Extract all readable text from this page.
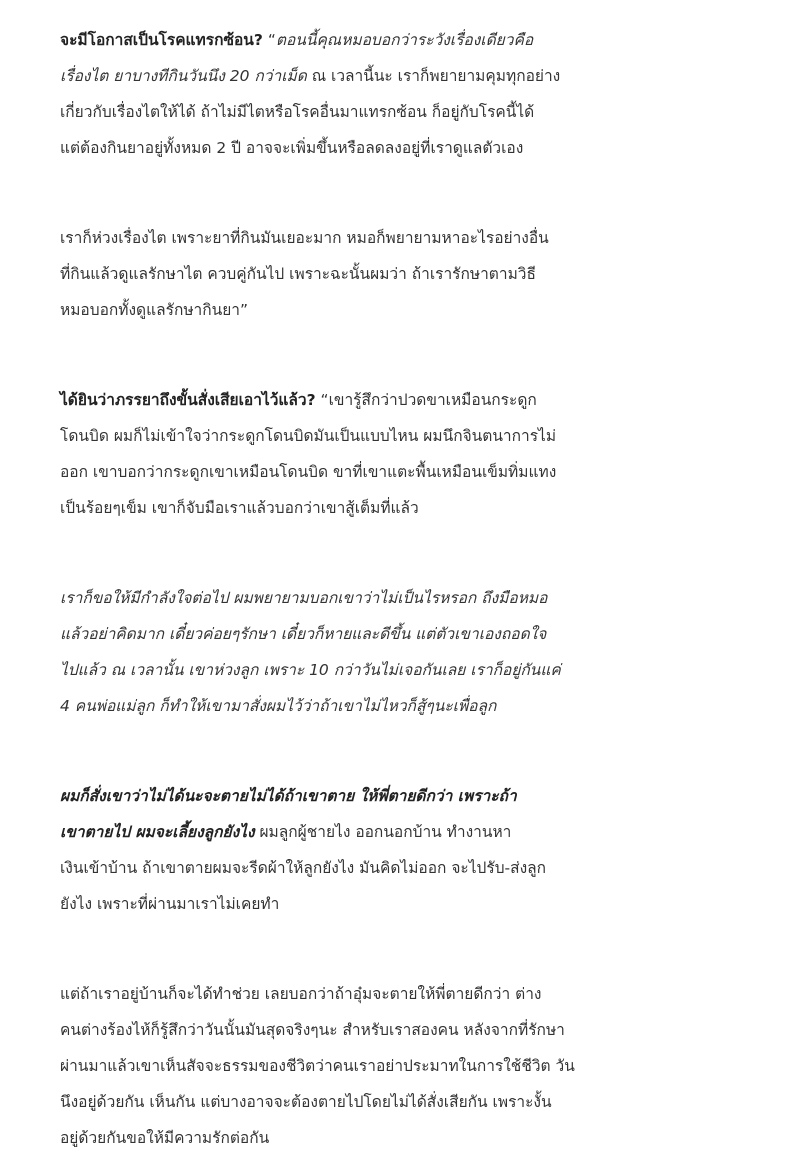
จะมีโอกาสเป็นโรคแทรกซ้อน? “ตอนนี้คุณหมอบอกว่าระวังเรื่องเดียวคือ
เรื่องไต ยาบางทีกินวันนึง 20 กว่าเม็ด ณ เวลานี้นะ เราก็พยายามคุมทุกอย่าง
เกี่ยวกับเรื่องไตให้ได้ ถ้าไม่มีไตหรือโรคอื่นมาแทรกซ้อน ก็อยู่กับโรคนี้ได้
แต่ต้องกินยาอยู่ทั้งหมด 2 ปี อาจจะเพิ่มขึ้นหรือลดลงอยู่ที่เราดูแลตัวเอง

เราก็ห่วงเรื่องไต เพราะยาที่กินมันเยอะมาก หมอก็พยายามหาอะไรอย่างอื่น
ที่กินแล้วดูแลรักษาไต ควบคู่กันไป เพราะฉะนั้นผมว่า ถ้าเรารักษาตามวิธี
หมอบอกทั้งดูแลรักษากินยา”

ได้ยินว่าภรรยาถึงขั้นสั่งเสียเอาไว้แล้ว? “เขารู้สึกว่าปวดขาเหมือนกระดูก
โดนบิด ผมก็ไม่เข้าใจว่ากระดูกโดนบิดมันเป็นแบบไหน ผมนึกจินตนาการไม่
ออก เขาบอกว่ากระดูกเขาเหมือนโดนบิด ขาที่เขาแตะพื้นเหมือนเข็มทิ่มแทง
เป็นร้อยๆเข็ม เขาก็จับมือเราแล้วบอกว่าเขาสู้เต็มที่แล้ว

เราก็ขอให้มีกำลังใจต่อไป ผมพยายามบอกเขาว่าไม่เป็นไรหรอก ถึงมือหมอ
แล้วอย่าคิดมาก เดี๋ยวค่อยๆรักษา เดี๋ยวก็หายและดีขึ้น แต่ตัวเขาเองถอดใจ
ไปแล้ว ณ เวลานั้น เขาห่วงลูก เพราะ 10 กว่าวันไม่เจอกันเลย เราก็อยู่กันแค่
4 คนพ่อแม่ลูก ก็ทำให้เขามาสั่งผมไว้ว่าถ้าเขาไม่ไหวก็สู้ๆนะเพื่อลูก

ผมก็สั่งเขาว่าไม่ได้นะจะตายไม่ได้ถ้าเขาตาย ให้พี่ตายดีกว่า เพราะถ้า
เขาตายไป ผมจะเลี้ยงลูกยังไง ผมลูกผู้ชายไง ออกนอกบ้าน ทำงานหา
เงินเข้าบ้าน ถ้าเขาตายผมจะรีดผ้าให้ลูกยังไง มันคิดไม่ออก จะไปรับ-ส่งลูก
ยังไง เพราะที่ผ่านมาเราไม่เคยทำ

แต่ถ้าเราอยู่บ้านก็จะได้ทำช่วย เลยบอกว่าถ้าอุ๋มจะตายให้พี่ตายดีกว่า ต่าง
คนต่างร้องไห้ก็รู้สึกว่าวันนั้นมันสุดจริงๆนะ สำหรับเราสองคน หลังจากที่รักษา
ผ่านมาแล้วเขาเห็นสัจจะธรรมของชีวิตว่าคนเราอย่าประมาทในการใช้ชีวิต วัน
นึงอยู่ด้วยกัน เห็นกัน แต่บางอาจจะต้องตายไปโดยไม่ได้สั่งเสียกัน เพราะงั้น
อยู่ด้วยกันขอให้มีความรักต่อกัน
